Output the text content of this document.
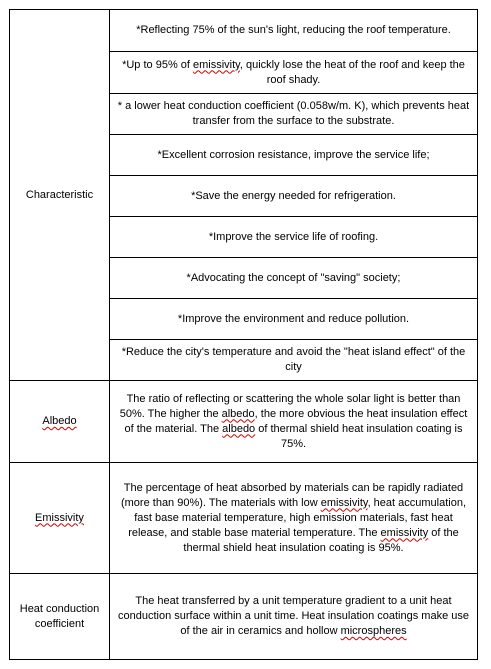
Characteristic	*Reflecting 75% of the sun's light, reducing the roof temperature.
	*Up to 95% of emissivity, quickly lose the heat of the roof and keep the roof shady.
	* a lower heat conduction coefficient (0.058w/m. K), which prevents heat transfer from the surface to the substrate.
	*Excellent corrosion resistance, improve the service life;
	*Save the energy needed for refrigeration.
	*Improve the service life of roofing.
	*Advocating the concept of "saving" society;
	*Improve the environment and reduce pollution.
	*Reduce the city's temperature and avoid the "heat island effect" of the city
Albedo	The ratio of reflecting or scattering the whole solar light is better than 50%. The higher the albedo, the more obvious the heat insulation effect of the material. The albedo of thermal shield heat insulation coating is 75%.
Emissivity	The percentage of heat absorbed by materials can be rapidly radiated (more than 90%). The materials with low emissivity, heat accumulation, fast base material temperature, high emission materials, fast heat release, and stable base material temperature. The emissivity of the thermal shield heat insulation coating is 95%.
Heat conduction coefficient	The heat transferred by a unit temperature gradient to a unit heat conduction surface within a unit time. Heat insulation coatings make use of the air in ceramics and hollow microspheres
